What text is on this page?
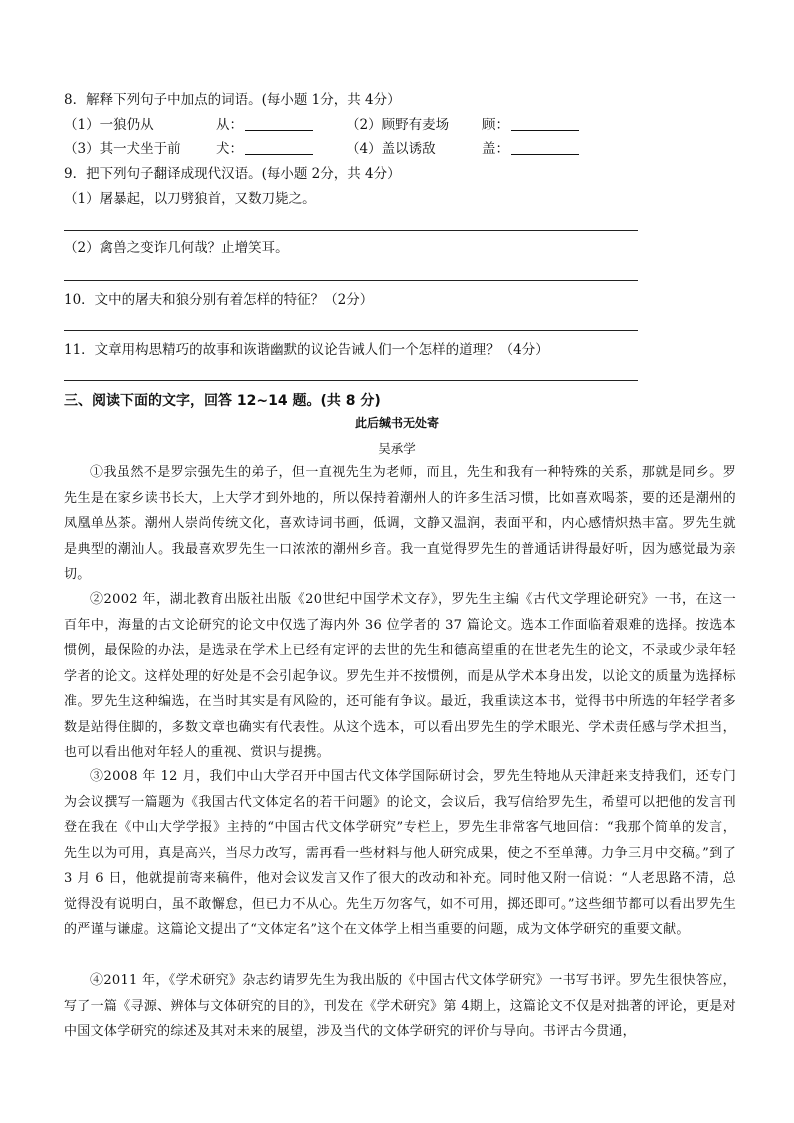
8．解释下列句子中加点的词语。(每小题 1分，共 4分）
（1）一狼仍从	从：	（2）顾野有麦场 顾：
（3）其一犬坐于前	犬：	（4）盖以诱敌	盖：
9．把下列句子翻译成现代汉语。(每小题 2分，共 4分）
（1）屠暴起，以刀劈狼首，又数刀毙之。
（2）禽兽之变诈几何哉？止增笑耳。
10．文中的屠夫和狼分别有着怎样的特征？（2分）
11．文章用构思精巧的故事和诙谐幽默的议论告诫人们一个怎样的道理？（4分）
三、阅读下面的文字，回答 12~14 题。(共 8 分)
此后缄书无处寄
吴承学
①我虽然不是罗宗强先生的弟子，但一直视先生为老师，而且，先生和我有一种特殊的关系，那就是同乡。罗先生是在家乡读书长大，上大学才到外地的，所以保持着潮州人的许多生活习惯，比如喜欢喝茶，要的还是潮州的凤凰单丛茶。潮州人崇尚传统文化，喜欢诗词书画，低调，文静又温润，表面平和，内心感情炽热丰富。罗先生就是典型的潮汕人。我最喜欢罗先生一口浓浓的潮州乡音。我一直觉得罗先生的普通话讲得最好听，因为感觉最为亲切。
②2002 年，湖北教育出版社出版《20世纪中国学术文存》，罗先生主编《古代文学理论研究》一书，在这一百年中，海量的古文论研究的论文中仅选了海内外 36 位学者的 37 篇论文。选本工作面临着艰难的选择。按选本惯例，最保险的办法，是选录在学术上已经有定评的去世的先生和德高望重的在世老先生的论文，不录或少录年轻学者的论文。这样处理的好处是不会引起争议。罗先生并不按惯例，而是从学术本身出发，以论文的质量为选择标准。罗先生这种编选，在当时其实是有风险的，还可能有争议。最近，我重读这本书，觉得书中所选的年轻学者多数是站得住脚的，多数文章也确实有代表性。从这个选本，可以看出罗先生的学术眼光、学术责任感与学术担当，也可以看出他对年轻人的重视、赏识与提携。
③2008 年 12 月，我们中山大学召开中国古代文体学国际研讨会，罗先生特地从天津赶来支持我们，还专门为会议撰写一篇题为《我国古代文体定名的若干问题》的论文，会议后，我写信给罗先生，希望可以把他的发言刊登在我在《中山大学学报》主持的“中国古代文体学研究”专栏上，罗先生非常客气地回信：“我那个简单的发言，先生以为可用，真是高兴，当尽力改写，需再看一些材料与他人研究成果，使之不至单薄。力争三月中交稿。”到了 3 月 6 日，他就提前寄来稿件，他对会议发言又作了很大的改动和补充。同时他又附一信说：“人老思路不清，总觉得没有说明白，虽不敢懈怠，但已力不从心。先生万勿客气，如不可用，掷还即可。”这些细节都可以看出罗先生的严谨与谦虚。这篇论文提出了“文体定名”这个在文体学上相当重要的问题，成为文体学研究的重要文献。
④2011 年，《学术研究》杂志约请罗先生为我出版的《中国古代文体学研究》一书写书评。罗先生很快答应，写了一篇《寻源、辨体与文体研究的目的》，刊发在《学术研究》第 4期上，这篇论文不仅是对拙著的评论，更是对中国文体学研究的综述及其对未来的展望，涉及当代的文体学研究的评价与导向。书评古今贯通，
